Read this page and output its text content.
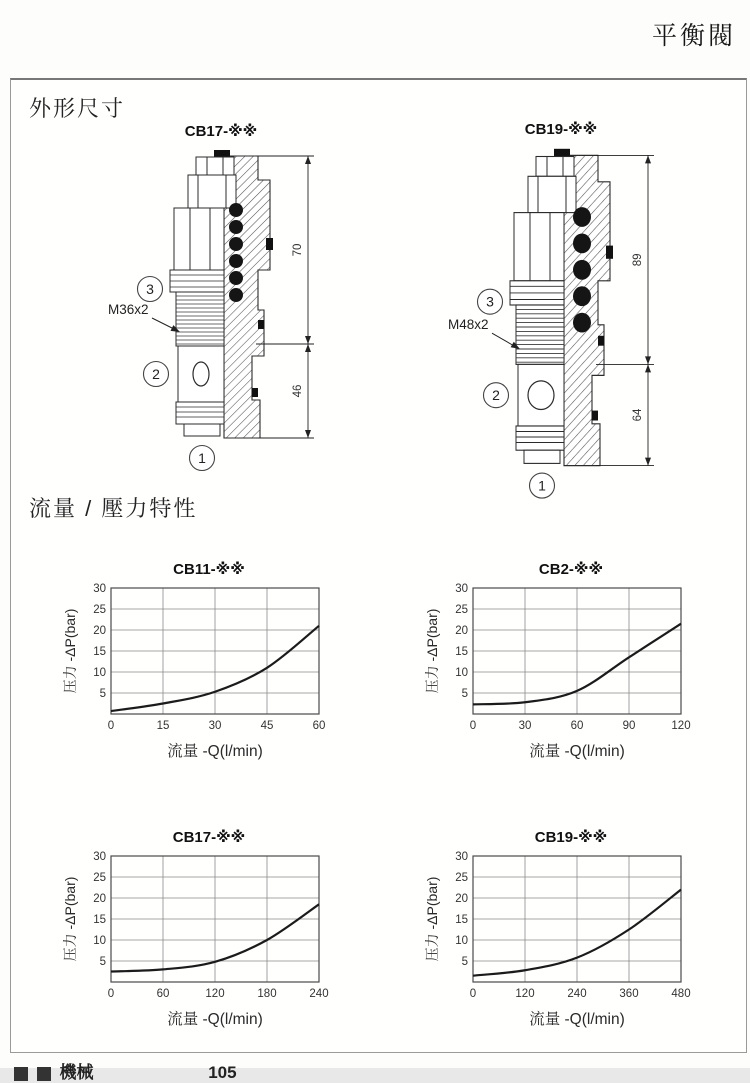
平衡閥
外形尺寸
CB17-※※
70
46
M36x2
3
2
1
CB19-※※
89
64
M48x2
3
2
1
流量 / 壓力特性
CB11-※※
0	15	30	45	60
5
10
15
20
25
30
压力 -ΔP(bar)
流量 -Q(l/min)
CB2-※※
0	30	60	90	120
5
10
15
20
25
30
压力 -ΔP(bar)
流量 -Q(l/min)
CB17-※※
0	60	120	180	240
5
10
15
20
25
30
压力 -ΔP(bar)
流量 -Q(l/min)
CB19-※※
0	120	240	360	480
5
10
15
20
25
30
压力 -ΔP(bar)
流量 -Q(l/min)
機械	105
